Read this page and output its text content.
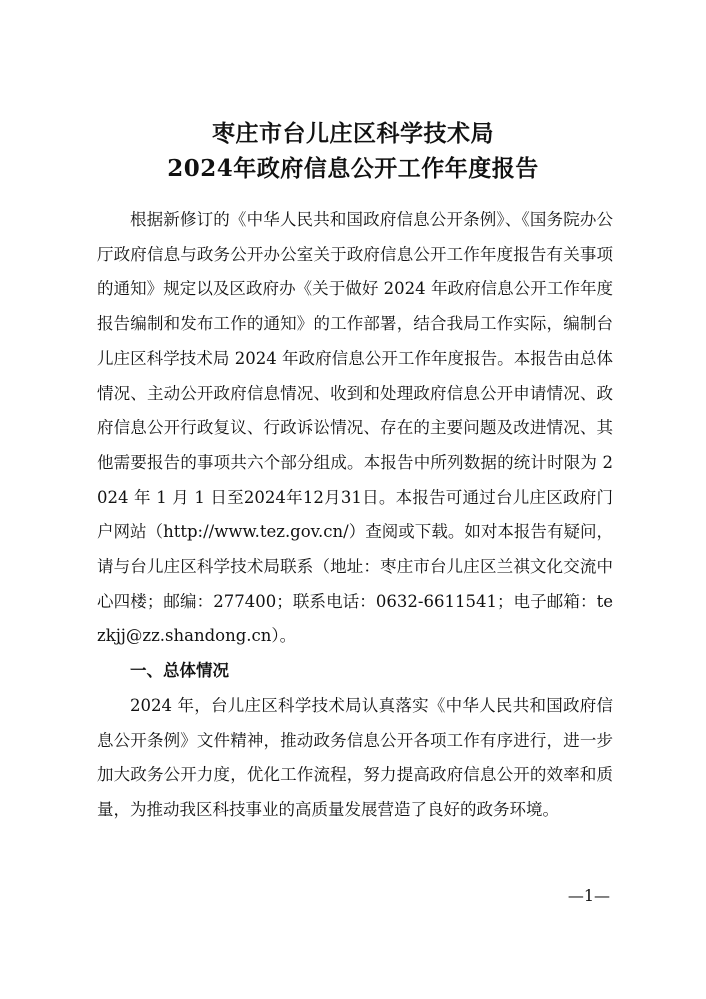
枣庄市台儿庄区科学技术局
2024年政府信息公开工作年度报告

根据新修订的《中华人民共和国政府信息公开条例》、《国务院办公厅政府信息与政务公开办公室关于政府信息公开工作年度报告有关事项的通知》规定以及区政府办《关于做好 2024 年政府信息公开工作年度报告编制和发布工作的通知》的工作部署，结合我局工作实际，编制台儿庄区科学技术局 2024 年政府信息公开工作年度报告。本报告由总体情况、主动公开政府信息情况、收到和处理政府信息公开申请情况、政府信息公开行政复议、行政诉讼情况、存在的主要问题及改进情况、其他需要报告的事项共六个部分组成。本报告中所列数据的统计时限为 2024 年 1 月 1 日至2024年12月31日。本报告可通过台儿庄区政府门户网站（http://www.tez.gov.cn/）查阅或下载。如对本报告有疑问，请与台儿庄区科学技术局联系（地址：枣庄市台儿庄区兰祺文化交流中心四楼；邮编：277400；联系电话：0632-6611541；电子邮箱：tezkjj@zz.shandong.cn）。

一、总体情况

2024 年，台儿庄区科学技术局认真落实《中华人民共和国政府信息公开条例》文件精神，推动政务信息公开各项工作有序进行，进一步加大政务公开力度，优化工作流程，努力提高政府信息公开的效率和质量，为推动我区科技事业的高质量发展营造了良好的政务环境。

—1—
